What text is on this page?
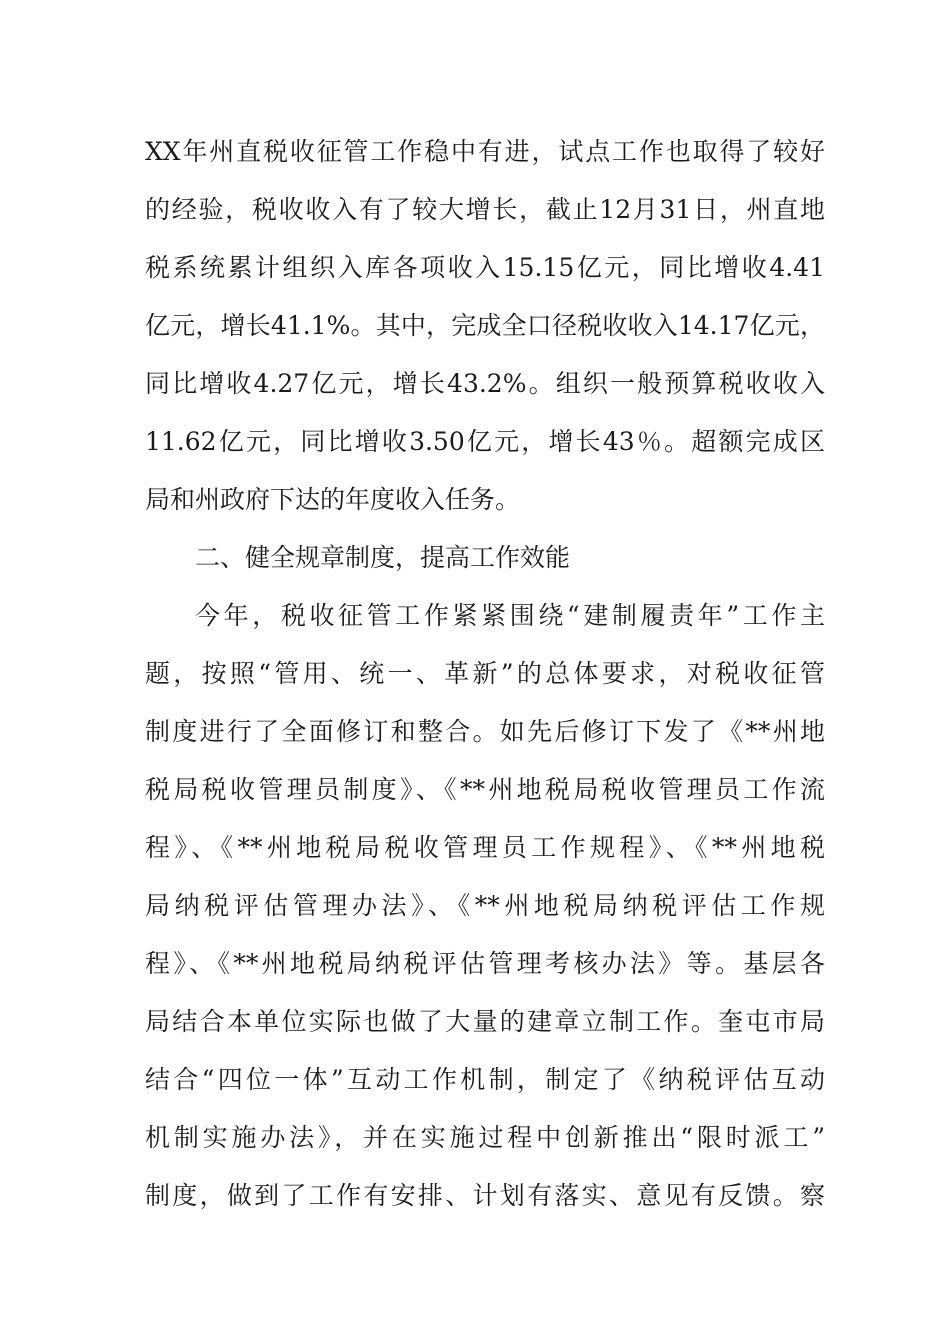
XX年州直税收征管工作稳中有进，试点工作也取得了较好

的经验，税收收入有了较大增长，截止12月31日，州直地

税系统累计组织入库各项收入15.15亿元，同比增收4.41

亿元，增长41.1%。其中，完成全口径税收收入14.17亿元，

同比增收4.27亿元，增长43.2%。组织一般预算税收收入

11.62亿元，同比增收3.50亿元，增长43％。超额完成区

局和州政府下达的年度收入任务。

二、健全规章制度，提高工作效能

今年，税收征管工作紧紧围绕“建制履责年”工作主

题，按照“管用、统一、革新”的总体要求，对税收征管

制度进行了全面修订和整合。如先后修订下发了《**州地

税局税收管理员制度》、《**州地税局税收管理员工作流

程》、《**州地税局税收管理员工作规程》、《**州地税

局纳税评估管理办法》、《**州地税局纳税评估工作规

程》、《**州地税局纳税评估管理考核办法》等。基层各

局结合本单位实际也做了大量的建章立制工作。奎屯市局

结合“四位一体”互动工作机制，制定了《纳税评估互动

机制实施办法》，并在实施过程中创新推出“限时派工”

制度，做到了工作有安排、计划有落实、意见有反馈。察
